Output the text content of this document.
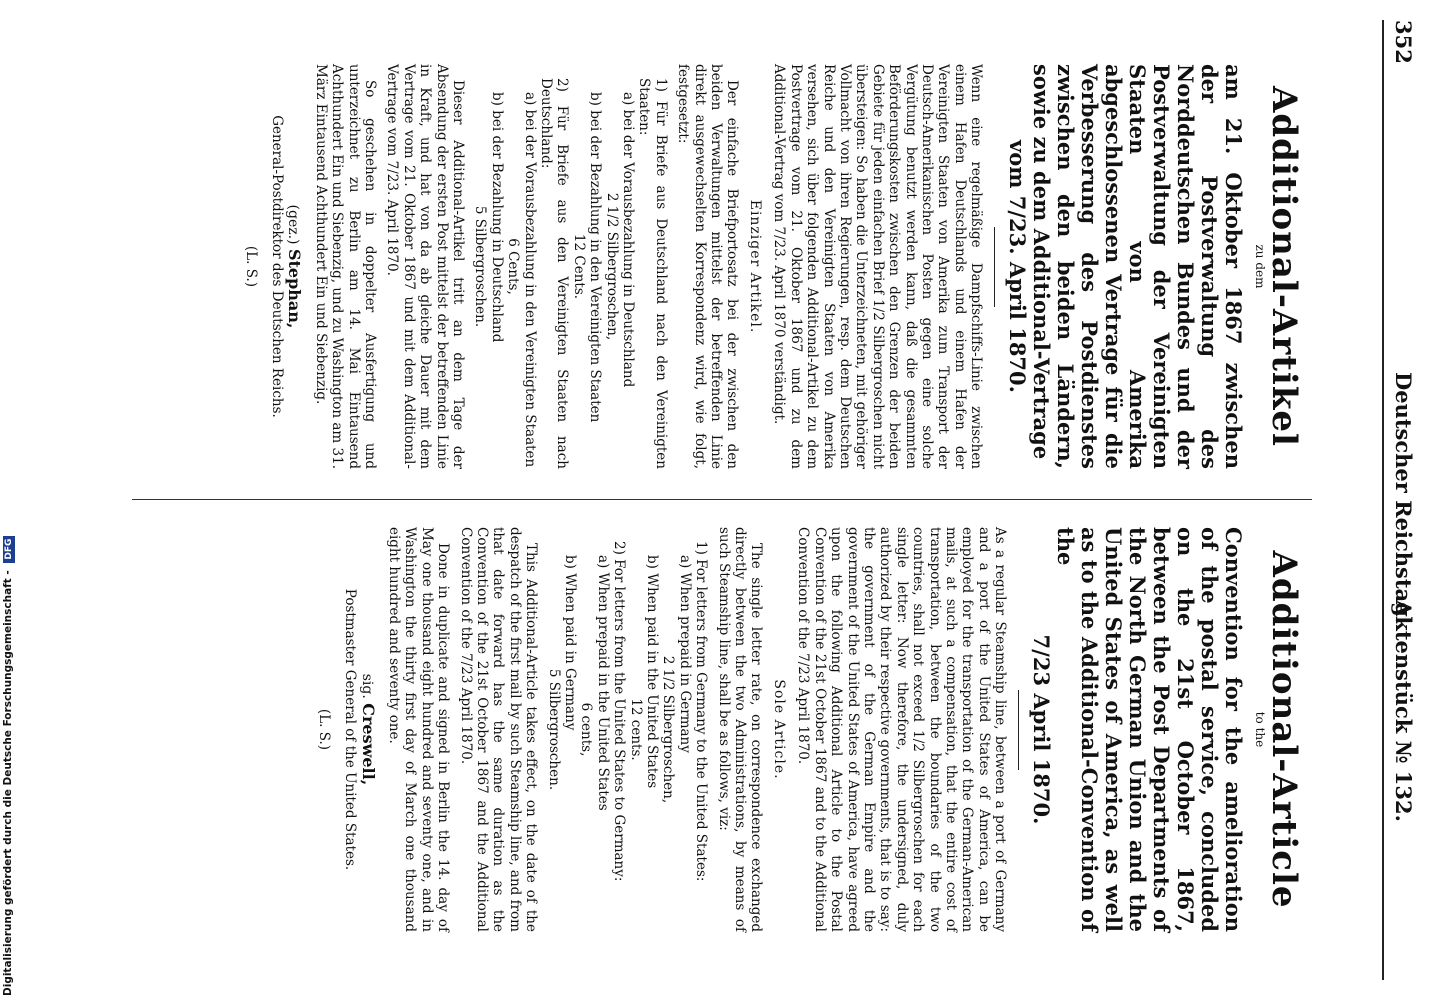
352
Deutscher Reichstag.
Aktenstück № 132.
Additional-Artikel
zu dem
am 21. Oktober 1867 zwischen der Postverwaltung des Norddeutschen Bundes und der Postverwaltung der Vereinigten Staaten von Amerika abgeschlossenen Vertrage für die Verbesserung des Postdienstes zwischen den beiden Ländern, sowie zu dem Additional-Vertrage
vom 7/23. April 1870.

Wenn eine regelmäßige Dampfschiffs-Linie zwischen einem Hafen Deutschlands und einem Hafen der Vereinigten Staaten von Amerika zum Transport der Deutsch-Amerikanischen Posten gegen eine solche Vergütung benutzt werden kann, daß die gesammten Beförderungskosten zwischen den Grenzen der beiden Gebiete für jeden einfachen Brief 1/2 Silbergroschen nicht übersteigen: So haben die Unterzeichneten, mit gehöriger Vollmacht von ihren Regierungen, resp. dem Deutschen Reiche und den Vereinigten Staaten von Amerika versehen, sich über folgenden Additional-Artikel zu dem Postvertrage vom 21. Oktober 1867 und zu dem Additional-Vertrag vom 7/23. April 1870 verständigt.

Einziger Artikel.

Der einfache Briefportosatz bei der zwischen den beiden Verwaltungen mittelst der betreffenden Linie direkt ausgewechselten Korrespondenz wird, wie folgt, festgesetzt:

1) Für Briefe aus Deutschland nach den Vereinigten Staaten:
a) bei der Vorausbezahlung in Deutschland
2 1/2 Silbergroschen,
b) bei der Bezahlung in den Vereinigten Staaten
12 Cents.
2) Für Briefe aus den Vereinigten Staaten nach Deutschland:
a) bei der Vorausbezahlung in den Vereinigten Staaten
6 Cents,
b) bei der Bezahlung in Deutschland
5 Silbergroschen.

Dieser Additional-Artikel tritt an dem Tage der Absendung der ersten Post mittelst der betreffenden Linie in Kraft, und hat von da ab gleiche Dauer mit dem Vertrage vom 21. Oktober 1867 und mit dem Additional-Vertrage vom 7/23. April 1870.

So geschehen in doppelter Ausfertigung und unterzeichnet zu Berlin am 14. Mai Eintausend Achthundert Ein und Siebenzig, und zu Washington am 31. März Eintausend Achthundert Ein und Siebenzig.

(gez.) Stephan,
General-Postdirektor des Deutschen Reichs.
(L. S.)
Additional-Article
to the
Convention for the amelioration of the postal service, concluded on the 21st October 1867, between the Post Departments of the North German Union and the United States of America, as well as to the Additional-Convention of the
7/23 April 1870.

As a regular Steamship line, between a port of Germany and a port of the United States of America, can be employed for the transportation of the German-American mails, at such a compensation, that the entire cost of transportation, between the boundaries of the two countries, shall not exceed 1/2 Silbergroschen for each single letter: Now therefore, the undersigned, duly authorized by their respective governments, that is to say: the government of the German Empire and the government of the United States of America, have agreed upon the following Additional Article to the Postal Convention of the 21st October 1867 and to the Additional Convention of the 7/23 April 1870.

Sole Article.

The single letter rate, on correspondence exchanged directly between the two Administrations, by means of such Steamship line, shall be as follows, viz:

1) For letters from Germany to the United States:
a) When prepaid in Germany
2 1/2 Silbergroschen,
b) When paid in the United States
12 cents.
2) For letters from the United States to Germany:
a) When prepaid in the United States
6 cents,
b) When paid in Germany
5 Silbergroschen.

This Additional-Article takes effect, on the date of the despatch of the first mail by such Steamship line, and from that date forward has the same duration as the Convention of the 21st October 1867 and the Additional Convention of the 7/23 April 1870.

Done in duplicate and signed in Berlin the 14. day of May one thousand eight hundred and seventy one, and in Washington the thirty first day of March one thousand eight hundred and seventy one.

sig. Creswell,
Postmaster General of the United States.
(L. S.)
Digitalisierung gefördert durch die Deutsche Forschungsgemeinschaft - DFG
